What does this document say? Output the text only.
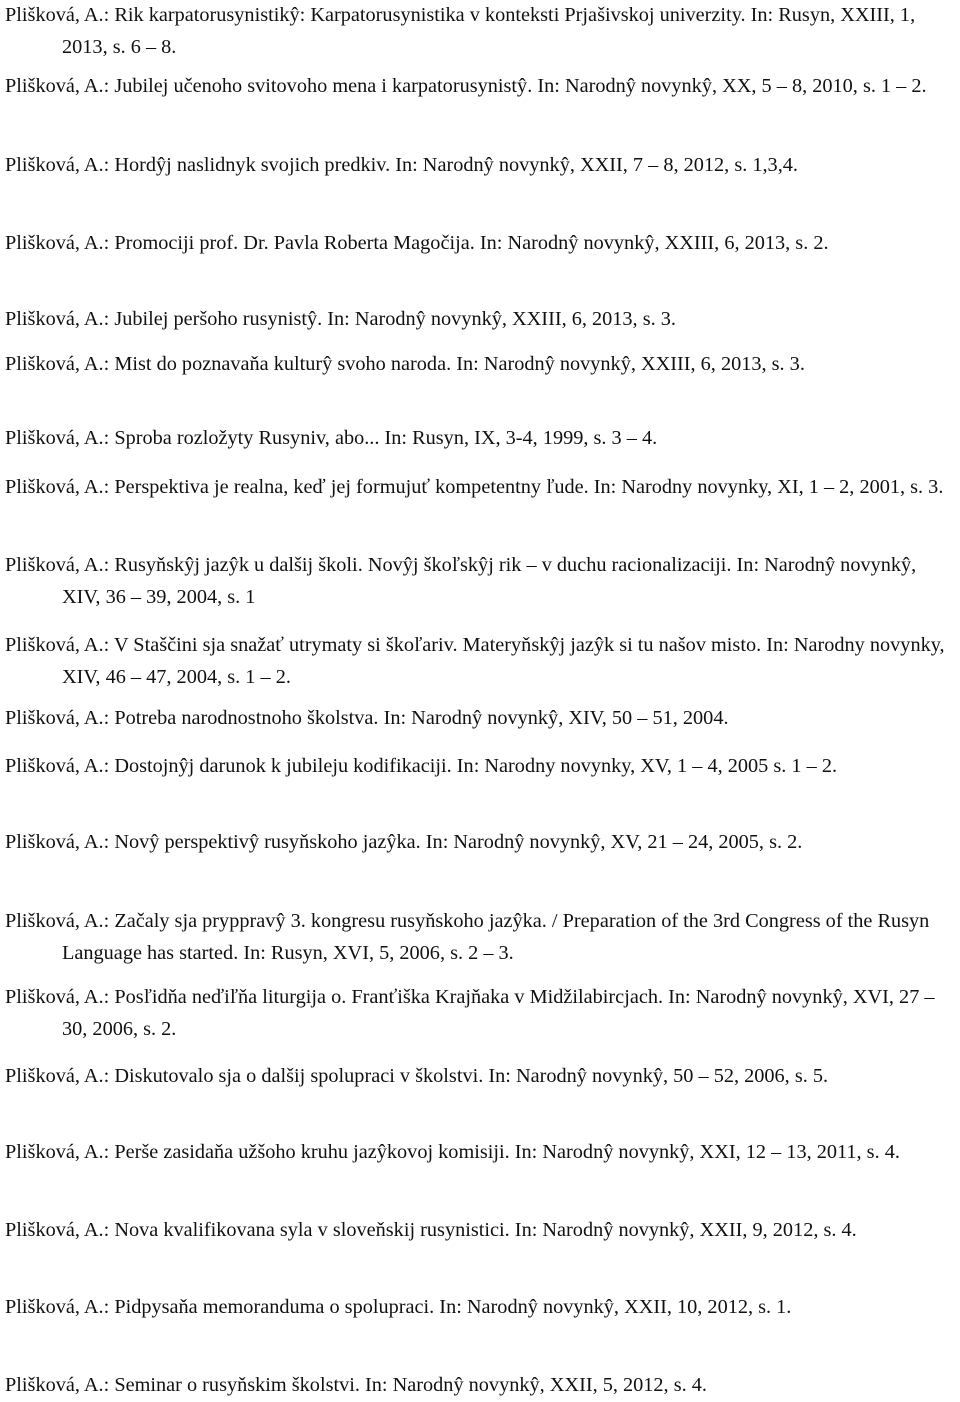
Plišková, A.: Rik karpatorusynistikŷ: Karpatorusynistika v konteksti Prjašivskoj univerzity. In: Rusyn, XXIII, 1, 2013, s. 6 – 8.

Plišková, A.: Jubilej učenoho svitovoho mena i karpatorusynistŷ. In: Narodnŷ novynkŷ, XX, 5 – 8, 2010, s. 1 – 2.

Plišková, A.: Hordŷj naslidnyk svojich predkiv. In: Narodnŷ novynkŷ, XXII, 7 – 8, 2012, s. 1,3,4.

Plišková, A.: Promociji prof. Dr. Pavla Roberta Magočija. In: Narodnŷ novynkŷ, XXIII, 6, 2013, s. 2.

Plišková, A.: Jubilej peršoho rusynistŷ. In: Narodnŷ novynkŷ, XXIII, 6, 2013, s. 3.

Plišková, A.: Mist do poznavaňa kulturŷ svoho naroda. In: Narodnŷ novynkŷ, XXIII, 6, 2013, s. 3.

Plišková, A.: Sproba rozložyty Rusyniv, abo... In: Rusyn, IX, 3-4, 1999, s. 3 – 4.

Plišková, A.: Perspektiva je realna, keď jej formujuť kompetentny ľude. In: Narodny novynky, XI, 1 – 2, 2001, s. 3.

Plišková, A.: Rusyňskŷj jazŷk u dalšij školi. Novŷj škoľskŷj rik – v duchu racionalizaciji. In: Narodnŷ novynkŷ, XIV, 36 – 39, 2004, s. 1

Plišková, A.: V Staščini sja snažať utrymaty si škoľariv. Materyňskŷj jazŷk si tu našov misto. In: Narodny novynky, XIV, 46 – 47, 2004, s. 1 – 2.

Plišková, A.: Potreba narodnostnoho školstva. In: Narodnŷ novynkŷ, XIV, 50 – 51, 2004.

Plišková, A.: Dostojnŷj darunok k jubileju kodifikaciji. In: Narodny novynky, XV, 1 – 4, 2005 s. 1 – 2.

Plišková, A.: Novŷ perspektivŷ rusyňskoho jazŷka. In: Narodnŷ novynkŷ, XV, 21 – 24, 2005, s. 2.

Plišková, A.: Začaly sja pryppravŷ 3. kongresu rusyňskoho jazŷka. / Preparation of the 3rd Congress of the Rusyn Language has started. In: Rusyn, XVI, 5, 2006, s. 2 – 3.

Plišková, A.: Posľidňa neďiľňa liturgija o. Franťiška Krajňaka v Midžilabircjach. In: Narodnŷ novynkŷ, XVI, 27 – 30, 2006, s. 2.

Plišková, A.: Diskutovalo sja o dalšij spolupraci v školstvi. In: Narodnŷ novynkŷ, 50 – 52, 2006, s. 5.

Plišková, A.: Perše zasidaňa užšoho kruhu jazŷkovoj komisiji. In: Narodnŷ novynkŷ, XXI, 12 – 13, 2011, s. 4.

Plišková, A.: Nova kvalifikovana syla v sloveňskij rusynistici. In: Narodnŷ novynkŷ, XXII, 9, 2012, s. 4.

Plišková, A.: Pidpysaňa memoranduma o spolupraci. In: Narodnŷ novynkŷ, XXII, 10, 2012, s. 1.

Plišková, A.: Seminar o rusyňskim školstvi. In: Narodnŷ novynkŷ, XXII, 5, 2012, s. 4.
